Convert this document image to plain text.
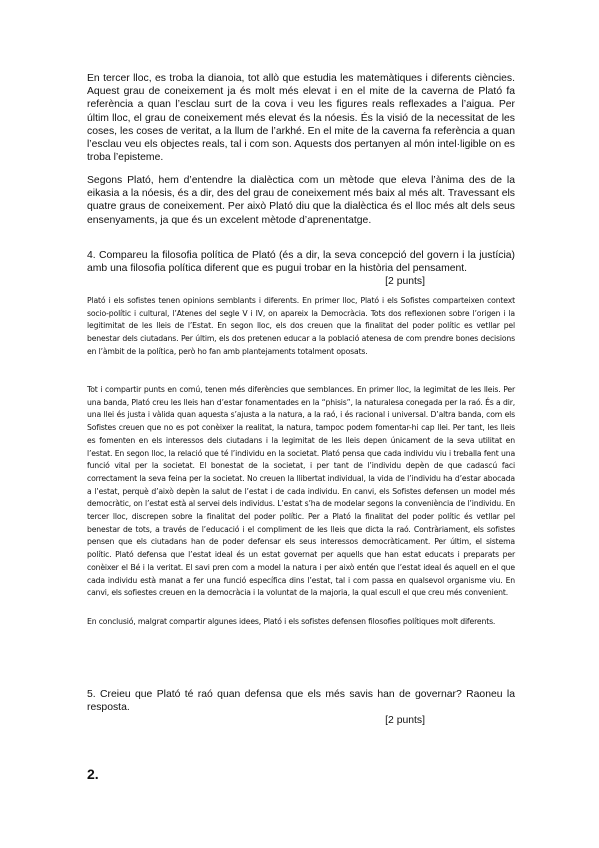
En tercer lloc, es troba la dianoia, tot allò que estudia les matemàtiques i diferents ciències. Aquest grau de coneixement ja és molt més elevat i en el mite de la caverna de Plató fa referència a quan l’esclau surt de la cova i veu les figures reals reflexades a l’aigua. Per últim lloc, el grau de coneixement més elevat és la nóesis. És la visió de la necessitat de les coses, les coses de veritat, a la llum de l’arkhé. En el mite de la caverna fa referència a quan l’esclau veu els objectes reals, tal i com son. Aquests dos pertanyen al món intel·ligible on es troba l’episteme.

Segons Plató, hem d’entendre la dialèctica com un mètode que eleva l’ànima des de la eikasia a la nóesis, és a dir, des del grau de coneixement més baix al més alt. Travessant els quatre graus de coneixement. Per això Plató diu que la dialèctica és el lloc més alt dels seus ensenyaments, ja que és un excelent mètode d’aprenentatge.

4. Compareu la filosofia política de Plató (és a dir, la seva concepció del govern i la justícia) amb una filosofia política diferent que es pugui trobar en la història del pensament.
[2 punts]

Plató i els sofistes tenen opinions semblants i diferents. En primer lloc, Plató i els Sofistes comparteixen context socio-polític i cultural, l’Atenes del segle V i IV, on apareix la Democràcia. Tots dos reflexionen sobre l’origen i la legitimitat de les lleis de l’Estat. En segon lloc, els dos creuen que la finalitat del poder polític es vetllar pel benestar dels ciutadans. Per últim, els dos pretenen educar a la població atenesa de com prendre bones decisions en l’àmbit de la política, però ho fan amb plantejaments totalment oposats.

Tot i compartir punts en comú, tenen més diferències que semblances. En primer lloc, la legimitat de les lleis. Per una banda, Plató creu les lleis han d’estar fonamentades en la “phisis”, la naturalesa conegada per la raó. És a dir, una llei és justa i vàlida quan aquesta s’ajusta a la natura, a la raó, i és racional i universal. D’altra banda, com els Sofistes creuen que no es pot conèixer la realitat, la natura, tampoc podem fomentar-hi cap llei. Per tant, les lleis es fomenten en els interessos dels ciutadans i la legimitat de les lleis depen únicament de la seva utilitat en l’estat. En segon lloc, la relació que té l’individu en la societat. Plató pensa que cada individu viu i treballa fent una funció vital per la societat. El bonestat de la societat, i per tant de l’individu depèn de que cadascú faci correctament la seva feina per la societat. No creuen la llibertat individual, la vida de l’individu ha d’estar abocada a l’estat, perquè d’això depèn la salut de l’estat i de cada individu. En canvi, els Sofistes defensen un model més democràtic, on l’estat està al servei dels individus. L’estat s’ha de modelar segons la conveniència de l’individu. En tercer lloc, discrepen sobre la finalitat del poder polític. Per a Plató la finalitat del poder polític és vetllar pel benestar de tots, a través de l’educació i el compliment de les lleis que dicta la raó. Contràriament, els sofistes pensen que els ciutadans han de poder defensar els seus interessos democràticament. Per últim, el sistema polític. Plató defensa que l’estat ideal és un estat governat per aquells que han estat educats i preparats per conèixer el Bé i la veritat. El savi pren com a model la natura i per això entén que l’estat ideal és aquell en el que cada individu està manat a fer una funció específica dins l’estat, tal i com passa en qualsevol organisme viu. En canvi, els sofiestes creuen en la democràcia i la voluntat de la majoria, la qual escull el que creu més convenient.

En conclusió, malgrat compartir algunes idees, Plató i els sofistes defensen filosofies polítiques molt diferents.

5. Creieu que Plató té raó quan defensa que els més savis han de governar? Raoneu la resposta.
[2 punts]

2.
